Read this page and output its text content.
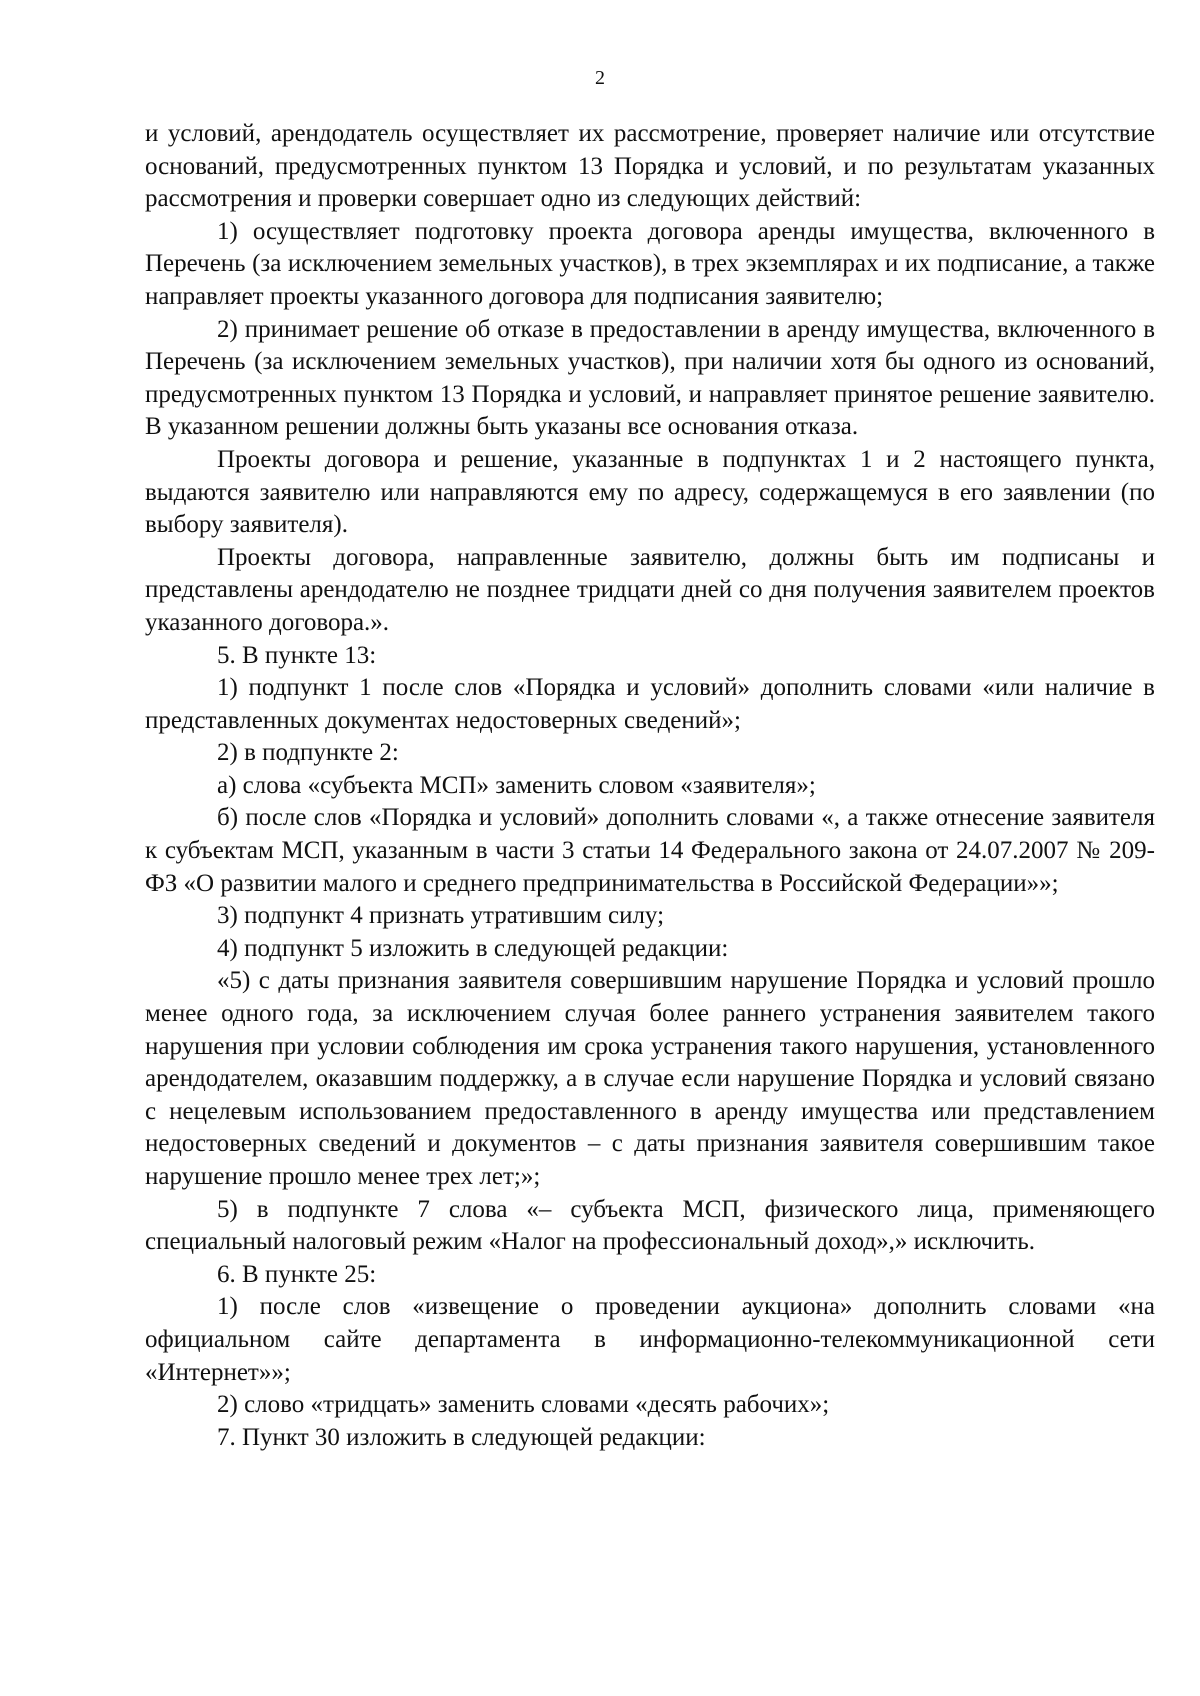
2

и условий, арендодатель осуществляет их рассмотрение, проверяет наличие или отсутствие оснований, предусмотренных пунктом 13 Порядка и условий, и по результатам указанных рассмотрения и проверки совершает одно из следующих действий:

1) осуществляет подготовку проекта договора аренды имущества, включенного в Перечень (за исключением земельных участков), в трех экземплярах и их подписание, а также направляет проекты указанного договора для подписания заявителю;

2) принимает решение об отказе в предоставлении в аренду имущества, включенного в Перечень (за исключением земельных участков), при наличии хотя бы одного из оснований, предусмотренных пунктом 13 Порядка и условий, и направляет принятое решение заявителю. В указанном решении должны быть указаны все основания отказа.

Проекты договора и решение, указанные в подпунктах 1 и 2 настоящего пункта, выдаются заявителю или направляются ему по адресу, содержащемуся в его заявлении (по выбору заявителя).

Проекты договора, направленные заявителю, должны быть им подписаны и представлены арендодателю не позднее тридцати дней со дня получения заявителем проектов указанного договора.».

5. В пункте 13:

1) подпункт 1 после слов «Порядка и условий» дополнить словами «или наличие в представленных документах недостоверных сведений»;

2) в подпункте 2:

а) слова «субъекта МСП» заменить словом «заявителя»;

б) после слов «Порядка и условий» дополнить словами «, а также отнесение заявителя к субъектам МСП, указанным в части 3 статьи 14 Федерального закона от 24.07.2007 № 209-ФЗ «О развитии малого и среднего предпринимательства в Российской Федерации»»;

3) подпункт 4 признать утратившим силу;

4) подпункт 5 изложить в следующей редакции:

«5) с даты признания заявителя совершившим нарушение Порядка и условий прошло менее одного года, за исключением случая более раннего устранения заявителем такого нарушения при условии соблюдения им срока устранения такого нарушения, установленного арендодателем, оказавшим поддержку, а в случае если нарушение Порядка и условий связано с нецелевым использованием предоставленного в аренду имущества или представлением недостоверных сведений и документов – с даты признания заявителя совершившим такое нарушение прошло менее трех лет;»;

5) в подпункте 7 слова «– субъекта МСП, физического лица, применяющего специальный налоговый режим «Налог на профессиональный доход»,» исключить.

6. В пункте 25:

1) после слов «извещение о проведении аукциона» дополнить словами «на официальном сайте департамента в информационно-телекоммуникационной сети «Интернет»»;

2) слово «тридцать» заменить словами «десять рабочих»;

7. Пункт 30 изложить в следующей редакции:
